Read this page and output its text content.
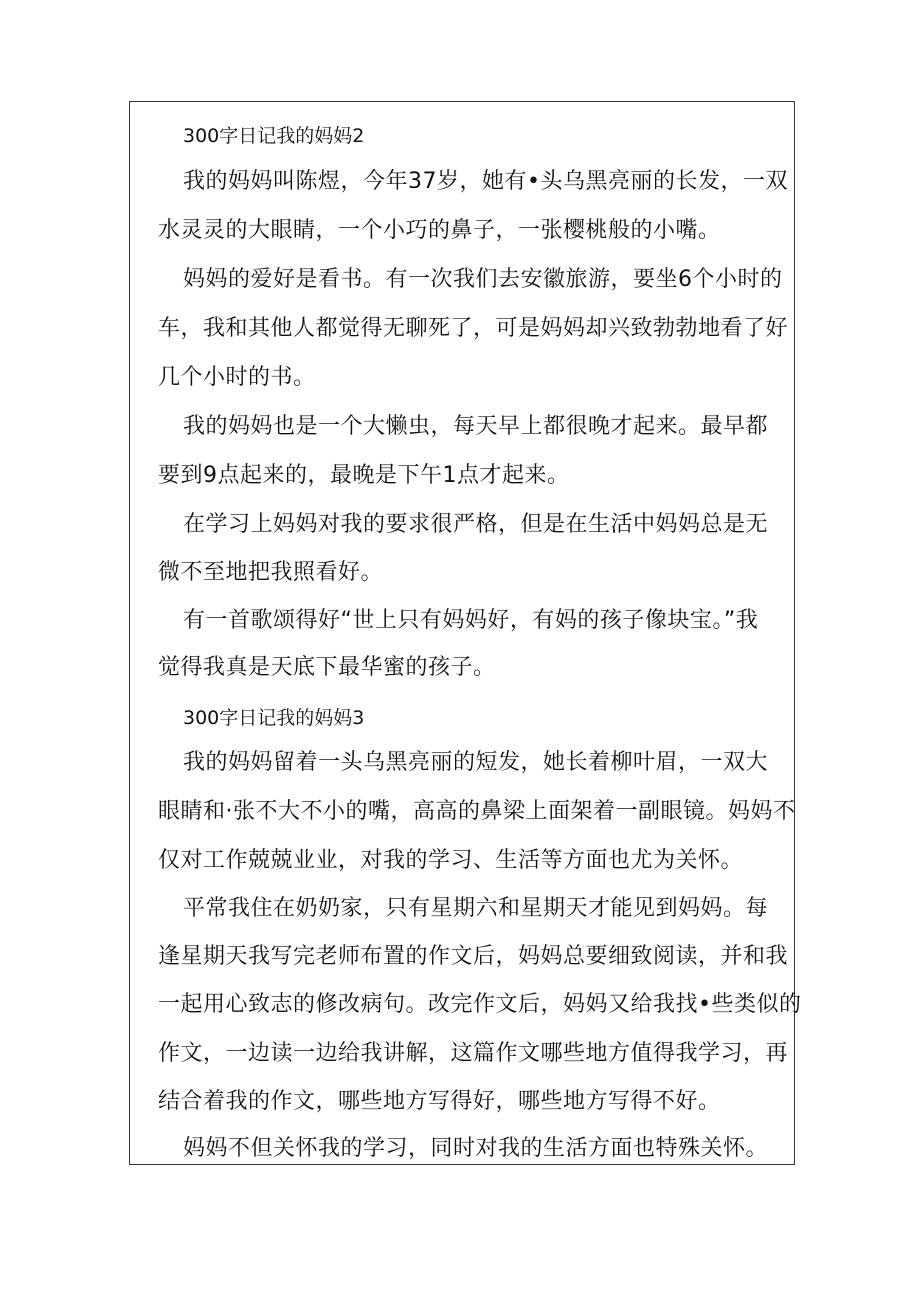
300字日记我的妈妈2
我的妈妈叫陈煜，今年37岁，她有•头乌黑亮丽的长发，一双
水灵灵的大眼睛，一个小巧的鼻子，一张樱桃般的小嘴。
妈妈的爱好是看书。有一次我们去安徽旅游，要坐6个小时的
车，我和其他人都觉得无聊死了，可是妈妈却兴致勃勃地看了好
几个小时的书。
我的妈妈也是一个大懒虫，每天早上都很晚才起来。最早都
要到9点起来的，最晚是下午1点才起来。
在学习上妈妈对我的要求很严格，但是在生活中妈妈总是无
微不至地把我照看好。
有一首歌颂得好“世上只有妈妈好，有妈的孩子像块宝。”我
觉得我真是天底下最华蜜的孩子。
300字日记我的妈妈3
我的妈妈留着一头乌黑亮丽的短发，她长着柳叶眉，一双大
眼睛和·张不大不小的嘴，高高的鼻梁上面架着一副眼镜。妈妈不
仅对工作兢兢业业，对我的学习、生活等方面也尤为关怀。
平常我住在奶奶家，只有星期六和星期天才能见到妈妈。每
逢星期天我写完老师布置的作文后，妈妈总要细致阅读，并和我
一起用心致志的修改病句。改完作文后，妈妈又给我找•些类似的
作文，一边读一边给我讲解，这篇作文哪些地方值得我学习，再
结合着我的作文，哪些地方写得好，哪些地方写得不好。
妈妈不但关怀我的学习，同时对我的生活方面也特殊关怀。
